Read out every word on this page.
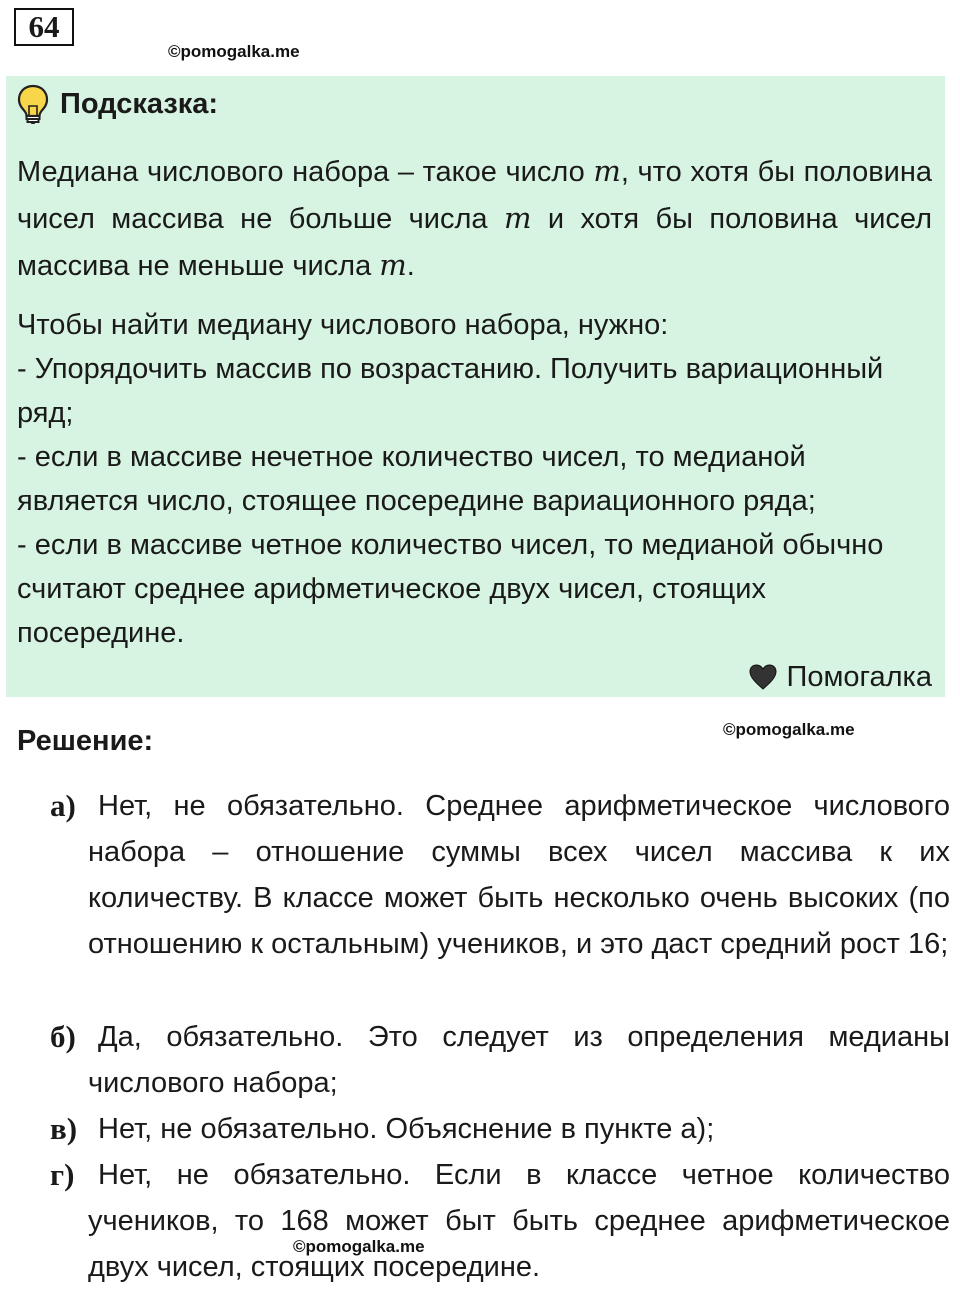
64
©pomogalka.me
Подсказка:

Медиана числового набора – такое число m, что хотя бы половина чисел массива не больше числа m и хотя бы половина чисел массива не меньше числа m.

Чтобы найти медиану числового набора, нужно:
- Упорядочить массив по возрастанию. Получить вариационный ряд;
- если в массиве нечетное количество чисел, то медианой является число, стоящее посередине вариационного ряда;
- если в массиве четное количество чисел, то медианой обычно считают среднее арифметическое двух чисел, стоящих посередине.
Помогалка
Решение:	©pomogalka.me
а) Нет, не обязательно. Среднее арифметическое числового набора – отношение суммы всех чисел массива к их количеству. В классе может быть несколько очень высоких (по отношению к остальным) учеников, и это даст средний рост 16;
б) Да, обязательно. Это следует из определения медианы числового набора;
в) Нет, не обязательно. Объяснение в пункте а);
г) Нет, не обязательно. Если в классе четное количество учеников, то 168 может быт быть среднее арифметическое двух чисел, стоящих посередине.
©pomogalka.me
